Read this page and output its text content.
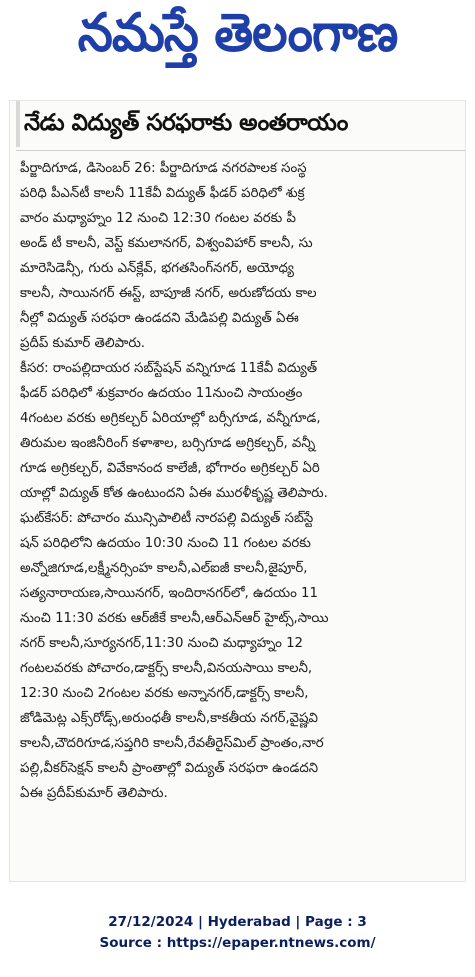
నమస్తే తెలంగాణ
నేడు విద్యుత్ సరఫరాకు అంతరాయం
పీర్జాదిగూడ, డిసెంబర్ 26: పీర్జాదిగూడ నగరపాలక సంస్థ
పరిధి పీఎన్‌టీ కాలనీ 11కేవీ విద్యుత్ ఫీడర్ పరిధిలో శుక్ర
వారం మధ్యాహ్నం 12 నుంచి 12:30 గంటల వరకు పీ
అండ్ టీ కాలనీ, వెస్ట్ కమలానగర్, విశ్వంవిహార్ కాలనీ, సు
మారెసిడెన్సీ, గురు ఎన్‌క్లేవ్, భగతసింగ్‌నగర్, అయోధ్య
కాలనీ, సాయినగర్ ఈస్ట్, బాపూజీ నగర్, అరుణోదయ కాల
నీల్లో విద్యుత్ సరఫరా ఉండదని మేడిపల్లి విద్యుత్ ఏఈ
ప్రదీప్ కుమార్ తెలిపారు.
కీసర: రాంపల్లిదాయర సబ్‌స్టేషన్ వన్నిగూడ 11కేవీ విద్యుత్
ఫీడర్ పరిధిలో శుక్రవారం ఉదయం 11నుంచి సాయంత్రం
4గంటల వరకు అగ్రికల్చర్ ఏరియాల్లో బర్సీగూడ, వన్నీగూడ,
తిరుమల ఇంజినీరింగ్ కళాశాల, బర్సిగూడ అగ్రికల్చర్, వన్నీ
గూడ అగ్రికల్చర్, వివేకానంద కాలేజీ, భోగారం అగ్రికల్చర్ ఏరి
యాల్లో విద్యుత్ కోత ఉంటుందని ఏఈ మురళీకృష్ణ తెలిపారు.
ఘట్‌కేసర్: పోచారం మున్సిపాలిటీ నారపల్లి విద్యుత్ సబ్‌స్టే
షన్ పరిధిలోని ఉదయం 10:30 నుంచి 11 గంటల వరకు
అన్నోజిగూడ,లక్ష్మీనర్సింహ కాలనీ,ఎల్ఐజీ కాలనీ,జైపూర్,
సత్యనారాయణ,సాయినగర్, ఇందిరానగర్‌లో, ఉదయం 11
నుంచి 11:30 వరకు ఆర్‌జీకే కాలనీ,ఆర్‌ఎన్‌ఆర్ హైట్స్,సాయి
నగర్ కాలనీ,సూర్యనగర్,11:30 నుంచి మధ్యాహ్నం 12
గంటలవరకు పోచారం,డాక్టర్స్ కాలనీ,వినయసాయి కాలనీ,
12:30 నుంచి 2గంటల వరకు అన్నానగర్,డాక్టర్స్ కాలనీ,
జోడిమెట్ల ఎక్స్‌రోడ్స్,అరుంధతీ కాలనీ,కాకతీయ నగర్,వైష్ణవి
కాలనీ,చౌదరిగూడ,సప్తగిరి కాలనీ,రేవతీరైస్‌మిల్ ప్రాంతం,నార
పల్లి,వీకర్‌సెక్షన్ కాలనీ ప్రాంతాల్లో విద్యుత్ సరఫరా ఉండదని
ఏఈ ప్రదీప్‌కుమార్ తెలిపారు.
27/12/2024 | Hyderabad | Page : 3
Source : https://epaper.ntnews.com/
